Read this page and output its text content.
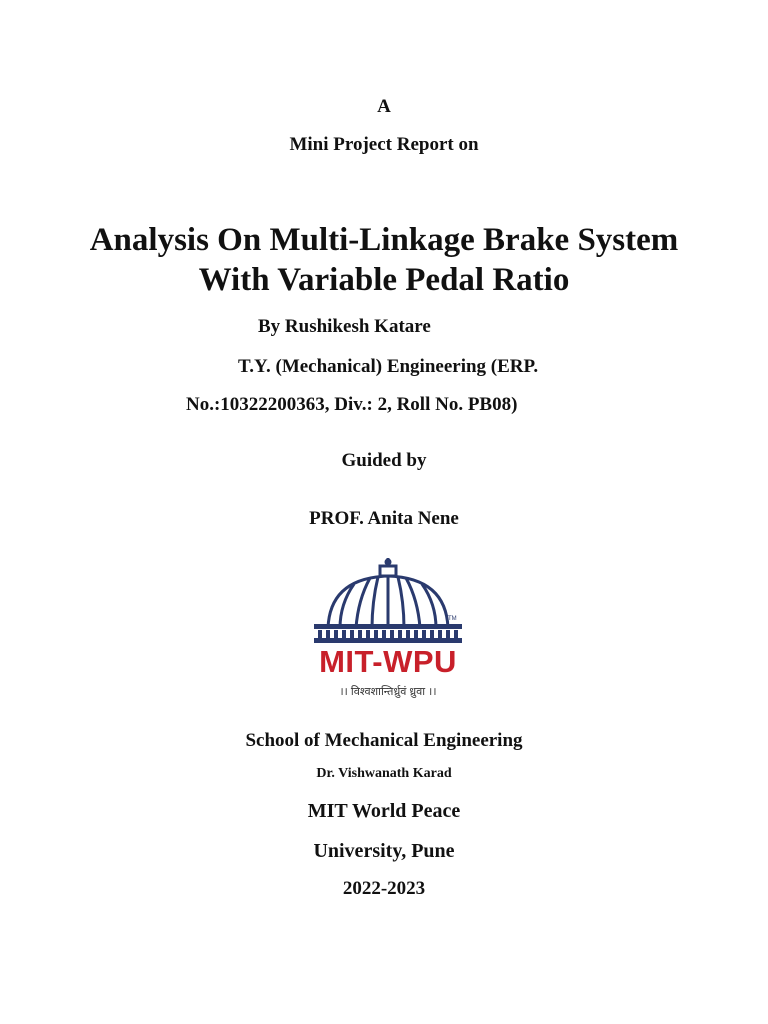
A
Mini Project Report on
Analysis On Multi-Linkage Brake System
With Variable Pedal Ratio
By Rushikesh Katare
T.Y. (Mechanical) Engineering (ERP.
No.:10322200363, Div.: 2, Roll No. PB08)
Guided by
PROF. Anita Nene
TM
MIT-WPU
।। विश्वशान्तिर्ध्रुवं ध्रुवा ।।
School of Mechanical Engineering
Dr. Vishwanath Karad
MIT World Peace
University, Pune
2022-2023
